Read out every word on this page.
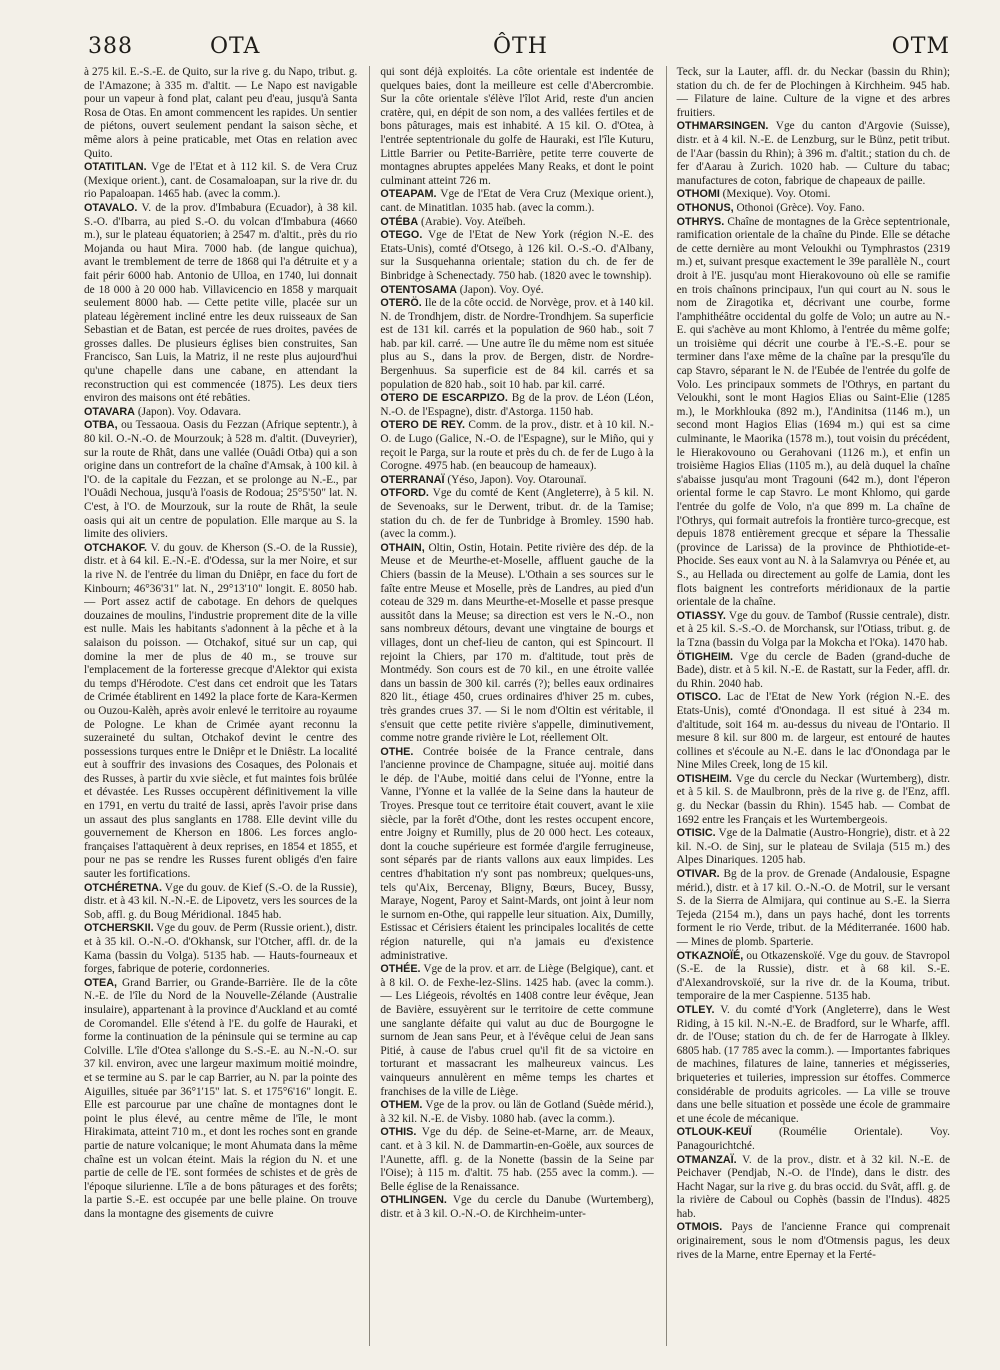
388	OTA	ÔTH	OTM

à 275 kil. E.-S.-E. de Quito, sur la rive g. du Napo, tribut. g. de l'Amazone; à 335 m. d'altit. — Le Napo est navigable pour un vapeur à fond plat, calant peu d'eau, jusqu'à Santa Rosa de Otas. En amont commencent les rapides. Un sentier de piétons, ouvert seulement pendant la saison sèche, et même alors à peine praticable, met Otas en relation avec Quito.

OTATITLAN. Vge de l'Etat et à 112 kil. S. de Vera Cruz (Mexique orient.), cant. de Cosamaloapan, sur la rive dr. du rio Papaloapan. 1465 hab. (avec la comm.).

OTAVALO. V. de la prov. d'Imbabura (Ecuador), à 38 kil. S.-O. d'Ibarra, au pied S.-O. du volcan d'Imbabura (4660 m.), sur le plateau équatorien; à 2547 m. d'altit., près du rio Mojanda ou haut Mira. 7000 hab. (de langue quichua), avant le tremblement de terre de 1868 qui l'a détruite et y a fait périr 6000 hab. Antonio de Ulloa, en 1740, lui donnait de 18 000 à 20 000 hab. Villavicencio en 1858 y marquait seulement 8000 hab. — Cette petite ville, placée sur un plateau légèrement incliné entre les deux ruisseaux de San Sebastian et de Batan, est percée de rues droites, pavées de grosses dalles. De plusieurs églises bien construites, San Francisco, San Luis, la Matriz, il ne reste plus aujourd'hui qu'une chapelle dans une cabane, en attendant la reconstruction qui est commencée (1875). Les deux tiers environ des maisons ont été rebâties.

OTAVARA (Japon). Voy. Odavara.

OTBA, ou Tessaoua. Oasis du Fezzan (Afrique septentr.), à 80 kil. O.-N.-O. de Mourzouk; à 528 m. d'altit. (Duveyrier), sur la route de Rhât, dans une vallée (Ouâdi Otba) qui a son origine dans un contrefort de la chaîne d'Amsak, à 100 kil. à l'O. de la capitale du Fezzan, et se prolonge au N.-E., par l'Ouâdi Nechoua, jusqu'à l'oasis de Rodoua; 25°5'50" lat. N. C'est, à l'O. de Mourzouk, sur la route de Rhât, la seule oasis qui ait un centre de population. Elle marque au S. la limite des oliviers.

OTCHAKOF. V. du gouv. de Kherson (S.-O. de la Russie), distr. et à 64 kil. E.-N.-E. d'Odessa, sur la mer Noire, et sur la rive N. de l'entrée du liman du Dniêpr, en face du fort de Kinbourn; 46°36'31" lat. N., 29°13'10" longit. E. 8050 hab. — Port assez actif de cabotage. En dehors de quelques douzaines de moulins, l'industrie proprement dite de la ville est nulle. Mais les habitants s'adonnent à la pêche et à la salaison du poisson. — Otchakof, situé sur un cap, qui domine la mer de plus de 40 m., se trouve sur l'emplacement de la forteresse grecque d'Alektor qui exista du temps d'Hérodote. C'est dans cet endroit que les Tatars de Crimée établirent en 1492 la place forte de Kara-Kermen ou Ouzou-Kalèh, après avoir enlevé le territoire au royaume de Pologne. Le khan de Crimée ayant reconnu la suzeraineté du sultan, Otchakof devint le centre des possessions turques entre le Dniêpr et le Dniêstr. La localité eut à souffrir des invasions des Cosaques, des Polonais et des Russes, à partir du xvie siècle, et fut maintes fois brûlée et dévastée. Les Russes occupèrent définitivement la ville en 1791, en vertu du traité de Iassi, après l'avoir prise dans un assaut des plus sanglants en 1788. Elle devint ville du gouvernement de Kherson en 1806. Les forces anglo-françaises l'attaquèrent à deux reprises, en 1854 et 1855, et pour ne pas se rendre les Russes furent obligés d'en faire sauter les fortifications.

OTCHÉRETNA. Vge du gouv. de Kief (S.-O. de la Russie), distr. et à 43 kil. N.-N.-E. de Lipovetz, vers les sources de la Sob, affl. g. du Boug Méridional. 1845 hab.

OTCHERSKII. Vge du gouv. de Perm (Russie orient.), distr. et à 35 kil. O.-N.-O. d'Okhansk, sur l'Otcher, affl. dr. de la Kama (bassin du Volga). 5135 hab. — Hauts-fourneaux et forges, fabrique de poterie, cordonneries.

OTEA, Grand Barrier, ou Grande-Barrière. Ile de la côte N.-E. de l'île du Nord de la Nouvelle-Zélande (Australie insulaire), appartenant à la province d'Auckland et au comté de Coromandel. Elle s'étend à l'E. du golfe de Hauraki, et forme la continuation de la péninsule qui se termine au cap Colville. L'île d'Otea s'allonge du S.-S.-E. au N.-N.-O. sur 37 kil. environ, avec une largeur maximum moitié moindre, et se termine au S. par le cap Barrier, au N. par la pointe des Aiguilles, située par 36°1'15" lat. S. et 175°6'16" longit. E. Elle est parcourue par une chaîne de montagnes dont le point le plus élevé, au centre même de l'île, le mont Hirakimata, atteint 710 m., et dont les roches sont en grande partie de nature volcanique; le mont Ahumata dans la même chaîne est un volcan éteint. Mais la région du N. et une partie de celle de l'E. sont formées de schistes et de grès de l'époque silurienne. L'île a de bons pâturages et des forêts; la partie S.-E. est occupée par une belle plaine. On trouve dans la montagne des gisements de cuivre

qui sont déjà exploités. La côte orientale est indentée de quelques baies, dont la meilleure est celle d'Abercrombie. Sur la côte orientale s'élève l'îlot Arid, reste d'un ancien cratère, qui, en dépit de son nom, a des vallées fertiles et de bons pâturages, mais est inhabité. A 15 kil. O. d'Otea, à l'entrée septentrionale du golfe de Hauraki, est l'île Kuturu, Little Barrier ou Petite-Barrière, petite terre couverte de montagnes abruptes appelées Many Reaks, et dont le point culminant atteint 726 m.

OTEAPAM. Vge de l'Etat de Vera Cruz (Mexique orient.), cant. de Minatitlan. 1035 hab. (avec la comm.).

OTÉBA (Arabie). Voy. Ateïbeh.

OTEGO. Vge de l'Etat de New York (région N.-E. des Etats-Unis), comté d'Otsego, à 126 kil. O.-S.-O. d'Albany, sur la Susquehanna orientale; station du ch. de fer de Binbridge à Schenectady. 750 hab. (1820 avec le township).

OTENTOSAMA (Japon). Voy. Oyé.

OTERÖ. Ile de la côte occid. de Norvège, prov. et à 140 kil. N. de Trondhjem, distr. de Nordre-Trondhjem. Sa superficie est de 131 kil. carrés et la population de 960 hab., soit 7 hab. par kil. carré. — Une autre île du même nom est située plus au S., dans la prov. de Bergen, distr. de Nordre-Bergenhuus. Sa superficie est de 84 kil. carrés et sa population de 820 hab., soit 10 hab. par kil. carré.

OTERO DE ESCARPIZO. Bg de la prov. de Léon (Léon, N.-O. de l'Espagne), distr. d'Astorga. 1150 hab.

OTERO DE REY. Comm. de la prov., distr. et à 10 kil. N.-O. de Lugo (Galice, N.-O. de l'Espagne), sur le Miño, qui y reçoit le Parga, sur la route et près du ch. de fer de Lugo à la Corogne. 4975 hab. (en beaucoup de hameaux).

OTERRANAÏ (Yéso, Japon). Voy. Otarounaï.

OTFORD. Vge du comté de Kent (Angleterre), à 5 kil. N. de Sevenoaks, sur le Derwent, tribut. dr. de la Tamise; station du ch. de fer de Tunbridge à Bromley. 1590 hab. (avec la comm.).

OTHAIN, Oltin, Ostin, Hotain. Petite rivière des dép. de la Meuse et de Meurthe-et-Moselle, affluent gauche de la Chiers (bassin de la Meuse). L'Othain a ses sources sur le faîte entre Meuse et Moselle, près de Landres, au pied d'un coteau de 329 m. dans Meurthe-et-Moselle et passe presque aussitôt dans la Meuse; sa direction est vers le N.-O., non sans nombreux détours, devant une vingtaine de bourgs et villages, dont un chef-lieu de canton, qui est Spincourt. Il rejoint la Chiers, par 170 m. d'altitude, tout près de Montmédy. Son cours est de 70 kil., en une étroite vallée dans un bassin de 300 kil. carrés (?); belles eaux ordinaires 820 lit., étiage 450, crues ordinaires d'hiver 25 m. cubes, très grandes crues 37. — Si le nom d'Oltin est véritable, il s'ensuit que cette petite rivière s'appelle, diminutivement, comme notre grande rivière le Lot, réellement Olt.

OTHE. Contrée boisée de la France centrale, dans l'ancienne province de Champagne, située auj. moitié dans le dép. de l'Aube, moitié dans celui de l'Yonne, entre la Vanne, l'Yonne et la vallée de la Seine dans la hauteur de Troyes. Presque tout ce territoire était couvert, avant le xiie siècle, par la forêt d'Othe, dont les restes occupent encore, entre Joigny et Rumilly, plus de 20 000 hect. Les coteaux, dont la couche supérieure est formée d'argile ferrugineuse, sont séparés par de riants vallons aux eaux limpides. Les centres d'habitation n'y sont pas nombreux; quelques-uns, tels qu'Aix, Bercenay, Bligny, Bœurs, Bucey, Bussy, Maraye, Nogent, Paroy et Saint-Mards, ont joint à leur nom le surnom en-Othe, qui rappelle leur situation. Aix, Dumilly, Estissac et Cérisiers étaient les principales localités de cette région naturelle, qui n'a jamais eu d'existence administrative.

OTHÉE. Vge de la prov. et arr. de Liège (Belgique), cant. et à 8 kil. O. de Fexhe-lez-Slins. 1425 hab. (avec la comm.). — Les Liégeois, révoltés en 1408 contre leur évêque, Jean de Bavière, essuyèrent sur le territoire de cette commune une sanglante défaite qui valut au duc de Bourgogne le surnom de Jean sans Peur, et à l'évêque celui de Jean sans Pitié, à cause de l'abus cruel qu'il fit de sa victoire en torturant et massacrant les malheureux vaincus. Les vainqueurs annulèrent en même temps les chartes et franchises de la ville de Liège.

OTHEM. Vge de la prov. ou län de Gotland (Suède mérid.), à 32 kil. N.-E. de Visby. 1080 hab. (avec la comm.).

OTHIS. Vge du dép. de Seine-et-Marne, arr. de Meaux, cant. et à 3 kil. N. de Dammartin-en-Goële, aux sources de l'Aunette, affl. g. de la Nonette (bassin de la Seine par l'Oise); à 115 m. d'altit. 75 hab. (255 avec la comm.). — Belle église de la Renaissance.

OTHLINGEN. Vge du cercle du Danube (Wurtemberg), distr. et à 3 kil. O.-N.-O. de Kirchheim-unter-

Teck, sur la Lauter, affl. dr. du Neckar (bassin du Rhin); station du ch. de fer de Plochingen à Kirchheim. 945 hab. — Filature de laine. Culture de la vigne et des arbres fruitiers.

OTHMARSINGEN. Vge du canton d'Argovie (Suisse), distr. et à 4 kil. N.-E. de Lenzburg, sur le Bünz, petit tribut. de l'Aar (bassin du Rhin); à 396 m. d'altit.; station du ch. de fer d'Aarau à Zurich. 1020 hab. — Culture du tabac; manufactures de coton, fabrique de chapeaux de paille.

OTHOMI (Mexique). Voy. Otomi.

OTHONUS, Othonoi (Grèce). Voy. Fano.

OTHRYS. Chaîne de montagnes de la Grèce septentrionale, ramification orientale de la chaîne du Pinde. Elle se détache de cette dernière au mont Veloukhi ou Tymphrastos (2319 m.) et, suivant presque exactement le 39e parallèle N., court droit à l'E. jusqu'au mont Hierakovouno où elle se ramifie en trois chaînons principaux, l'un qui court au N. sous le nom de Ziragotika et, décrivant une courbe, forme l'amphithéâtre occidental du golfe de Volo; un autre au N.-E. qui s'achève au mont Khlomo, à l'entrée du même golfe; un troisième qui décrit une courbe à l'E.-S.-E. pour se terminer dans l'axe même de la chaîne par la presqu'île du cap Stavro, séparant le N. de l'Eubée de l'entrée du golfe de Volo. Les principaux sommets de l'Othrys, en partant du Veloukhi, sont le mont Hagios Elias ou Saint-Elie (1285 m.), le Morkhlouka (892 m.), l'Andinitsa (1146 m.), un second mont Hagios Elias (1694 m.) qui est sa cime culminante, le Maorika (1578 m.), tout voisin du précédent, le Hierakovouno ou Gerahovani (1126 m.), et enfin un troisième Hagios Elias (1105 m.), au delà duquel la chaîne s'abaisse jusqu'au mont Tragouni (642 m.), dont l'éperon oriental forme le cap Stavro. Le mont Khlomo, qui garde l'entrée du golfe de Volo, n'a que 899 m. La chaîne de l'Othrys, qui formait autrefois la frontière turco-grecque, est depuis 1878 entièrement grecque et sépare la Thessalie (province de Larissa) de la province de Phthiotide-et-Phocide. Ses eaux vont au N. à la Salamvrya ou Pénée et, au S., au Hellada ou directement au golfe de Lamia, dont les flots baignent les contreforts méridionaux de la partie orientale de la chaîne.

OTIASSY. Vge du gouv. de Tambof (Russie centrale), distr. et à 25 kil. S.-S.-O. de Morchansk, sur l'Otiass, tribut. g. de la Tzna (bassin du Volga par la Mokcha et l'Oka). 1470 hab.

ÖTIGHEIM. Vge du cercle de Baden (grand-duche de Bade), distr. et à 5 kil. N.-E. de Rastatt, sur la Feder, affl. dr. du Rhin. 2040 hab.

OTISCO. Lac de l'Etat de New York (région N.-E. des Etats-Unis), comté d'Onondaga. Il est situé à 234 m. d'altitude, soit 164 m. au-dessus du niveau de l'Ontario. Il mesure 8 kil. sur 800 m. de largeur, est entouré de hautes collines et s'écoule au N.-E. dans le lac d'Onondaga par le Nine Miles Creek, long de 15 kil.

OTISHEIM. Vge du cercle du Neckar (Wurtemberg), distr. et à 5 kil. S. de Maulbronn, près de la rive g. de l'Enz, affl. g. du Neckar (bassin du Rhin). 1545 hab. — Combat de 1692 entre les Français et les Wurtembergeois.

OTISIC. Vge de la Dalmatie (Austro-Hongrie), distr. et à 22 kil. N.-O. de Sinj, sur le plateau de Svilaja (515 m.) des Alpes Dinariques. 1205 hab.

OTIVAR. Bg de la prov. de Grenade (Andalousie, Espagne mérid.), distr. et à 17 kil. O.-N.-O. de Motril, sur le versant S. de la Sierra de Almijara, qui continue au S.-E. la Sierra Tejeda (2154 m.), dans un pays haché, dont les torrents forment le rio Verde, tribut. de la Méditerranée. 1600 hab. — Mines de plomb. Sparterie.

OTKAZNOÏÉ, ou Otkazenskoïé. Vge du gouv. de Stavropol (S.-E. de la Russie), distr. et à 68 kil. S.-E. d'Alexandrovskoïé, sur la rive dr. de la Kouma, tribut. temporaire de la mer Caspienne. 5135 hab.

OTLEY. V. du comté d'York (Angleterre), dans le West Riding, à 15 kil. N.-N.-E. de Bradford, sur le Wharfe, affl. dr. de l'Ouse; station du ch. de fer de Harrogate à Ilkley. 6805 hab. (17 785 avec la comm.). — Importantes fabriques de machines, filatures de laine, tanneries et mégisseries, briqueteries et tuileries, impression sur étoffes. Commerce considérable de produits agricoles. — La ville se trouve dans une belle situation et possède une école de grammaire et une école de mécanique.

OTLOUK-KEUÏ (Roumélie Orientale). Voy. Panagourichtché.

OTMANZAÏ. V. de la prov., distr. et à 32 kil. N.-E. de Peichaver (Pendjab, N.-O. de l'Inde), dans le distr. des Hacht Nagar, sur la rive g. du bras occid. du Svât, affl. g. de la rivière de Caboul ou Cophès (bassin de l'Indus). 4825 hab.

OTMOIS. Pays de l'ancienne France qui comprenait originairement, sous le nom d'Otmensis pagus, les deux rives de la Marne, entre Epernay et la Ferté-
